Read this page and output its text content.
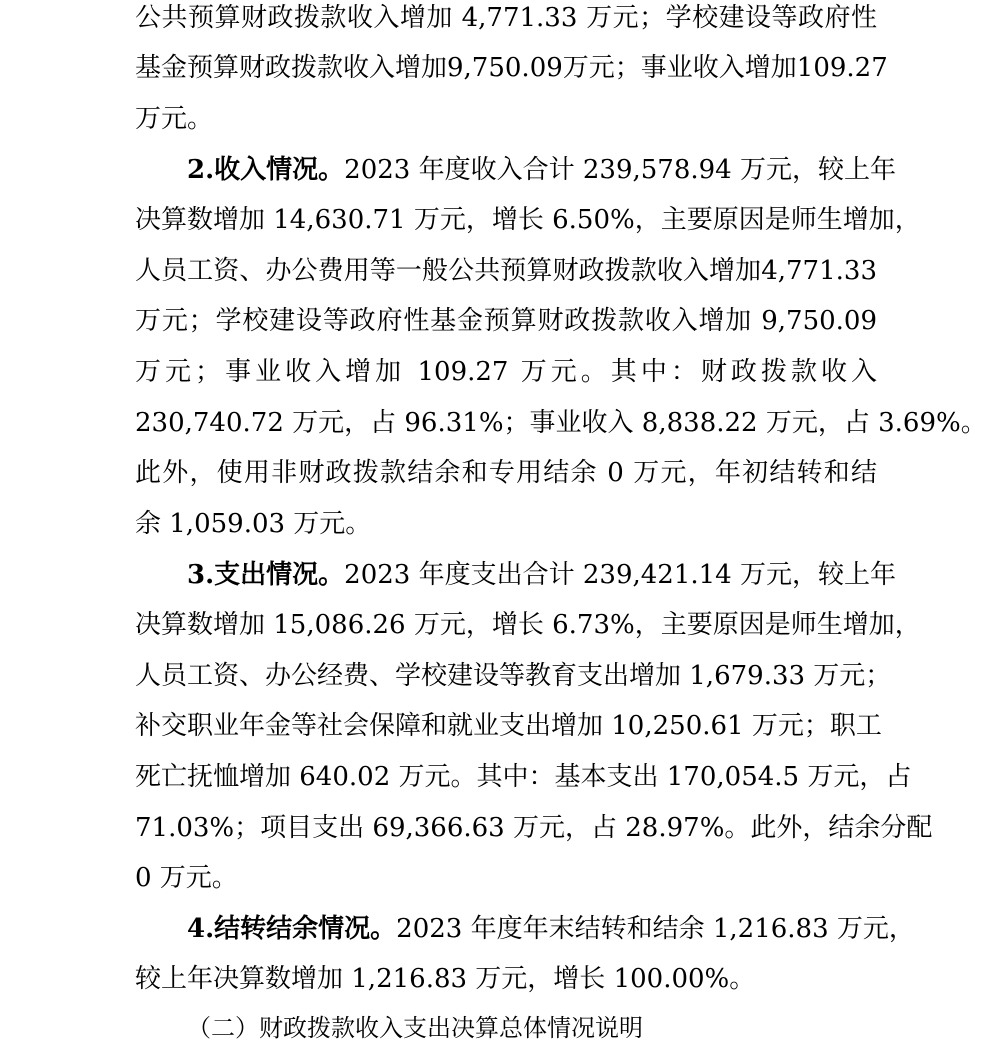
公共预算财政拨款收入增加 4,771.33 万元；学校建设等政府性
基金预算财政拨款收入增加9,750.09万元；事业收入增加109.27
万元。
2.收入情况。2023 年度收入合计 239,578.94 万元，较上年
决算数增加 14,630.71 万元，增长 6.50%，主要原因是师生增加，
人员工资、办公费用等一般公共预算财政拨款收入增加4,771.33
万元；学校建设等政府性基金预算财政拨款收入增加 9,750.09
万元；事业收入增加 109.27 万元。其中：财政拨款收入
230,740.72 万元，占 96.31%；事业收入 8,838.22 万元，占 3.69%。
此外，使用非财政拨款结余和专用结余 0 万元，年初结转和结
余 1,059.03 万元。
3.支出情况。2023 年度支出合计 239,421.14 万元，较上年
决算数增加 15,086.26 万元，增长 6.73%，主要原因是师生增加，
人员工资、办公经费、学校建设等教育支出增加 1,679.33 万元；
补交职业年金等社会保障和就业支出增加 10,250.61 万元；职工
死亡抚恤增加 640.02 万元。其中：基本支出 170,054.5 万元，占
71.03%；项目支出 69,366.63 万元，占 28.97%。此外，结余分配
0 万元。
4.结转结余情况。2023 年度年末结转和结余 1,216.83 万元，
较上年决算数增加 1,216.83 万元，增长 100.00%。
（二）财政拨款收入支出决算总体情况说明
